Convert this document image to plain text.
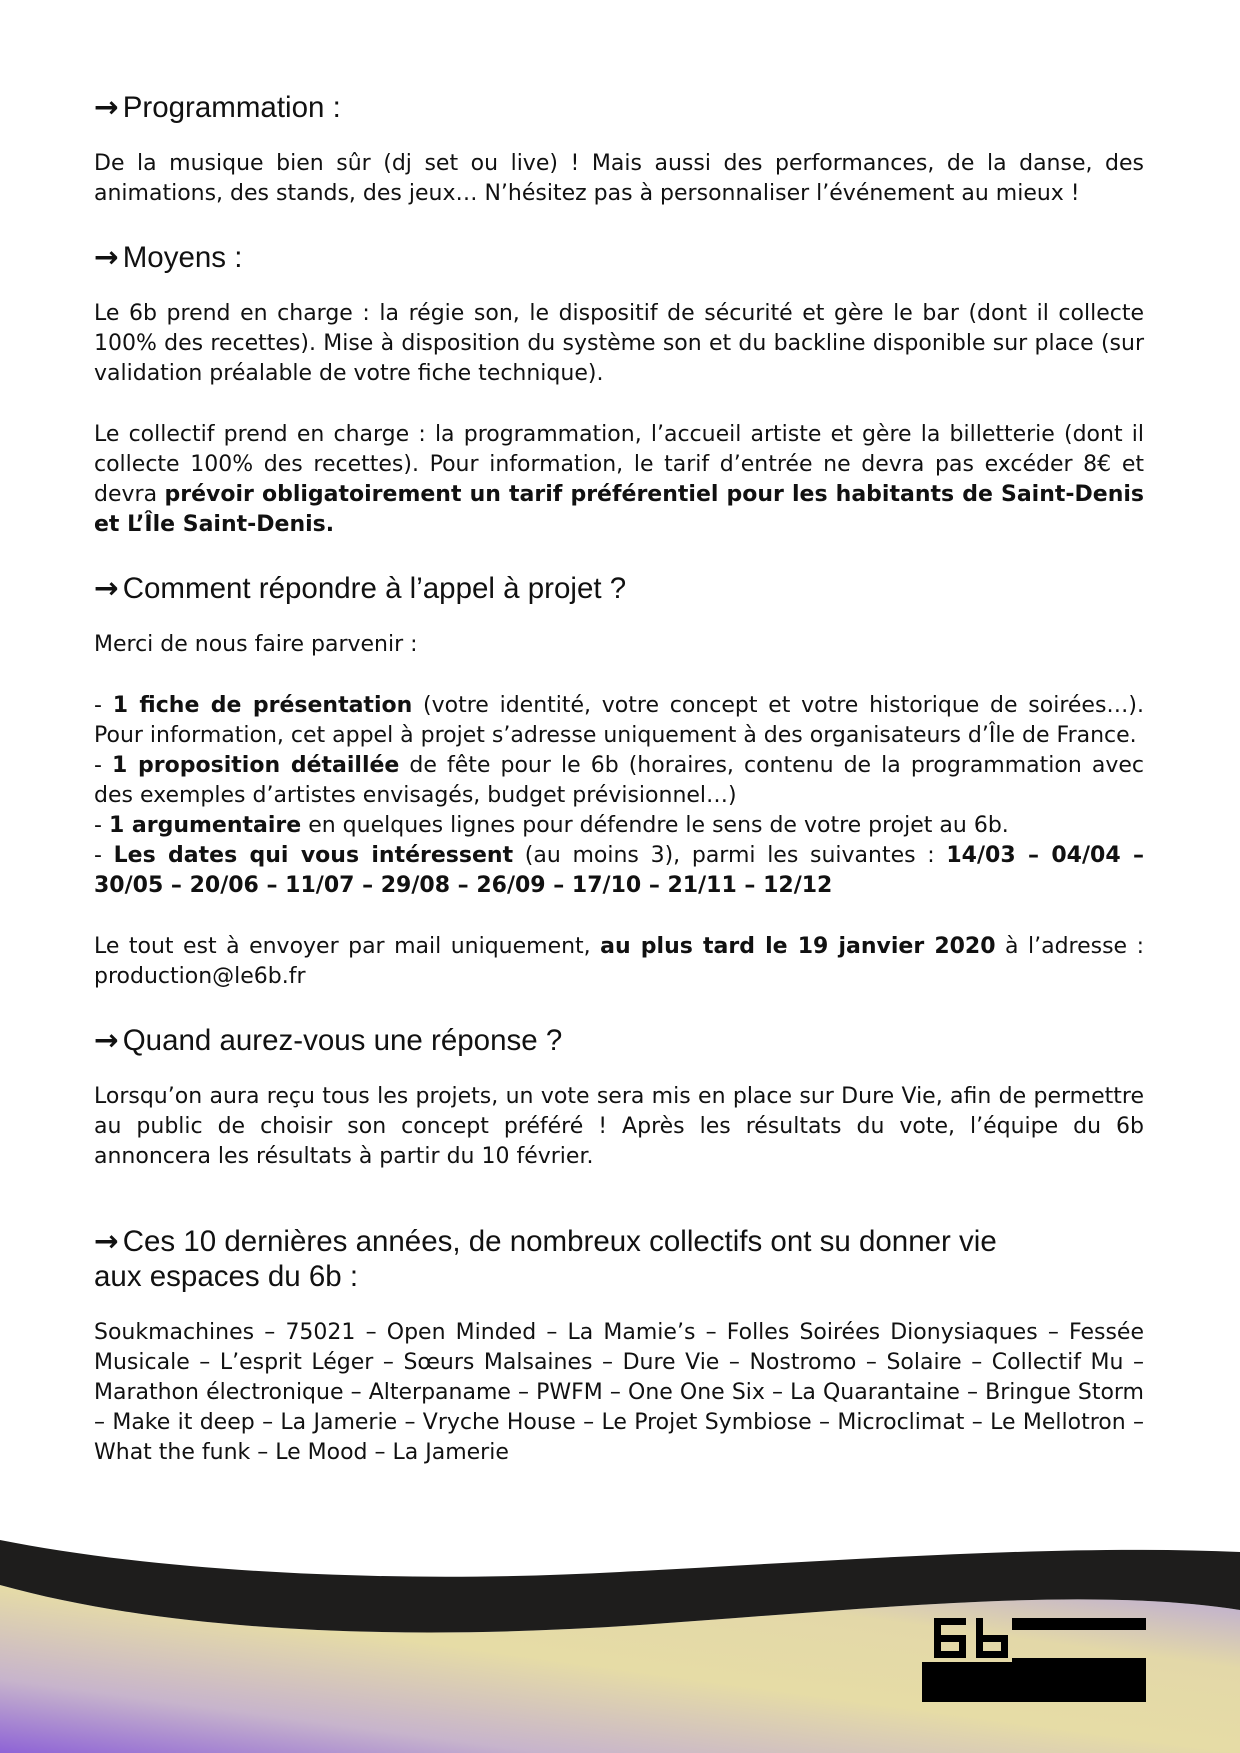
→ Programmation :

De la musique bien sûr (dj set ou live) ! Mais aussi des performances, de la danse, des animations, des stands, des jeux… N’hésitez pas à personnaliser l’événement au mieux !

→ Moyens :

Le 6b prend en charge : la régie son, le dispositif de sécurité et gère le bar (dont il collecte 100% des recettes). Mise à disposition du système son et du backline disponible sur place (sur validation préalable de votre fiche technique).

Le collectif prend en charge : la programmation, l’accueil artiste et gère la billetterie (dont il collecte 100% des recettes). Pour information, le tarif d’entrée ne devra pas excéder 8€ et devra prévoir obligatoirement un tarif préférentiel pour les habitants de Saint-Denis et L’Île Saint-Denis.

→ Comment répondre à l’appel à projet ?

Merci de nous faire parvenir :

- 1 fiche de présentation (votre identité, votre concept et votre historique de soirées…). Pour information, cet appel à projet s’adresse uniquement à des organisateurs d’Île de France.

- 1 proposition détaillée de fête pour le 6b (horaires, contenu de la programmation avec des exemples d’artistes envisagés, budget prévisionnel…)

- 1 argumentaire en quelques lignes pour défendre le sens de votre projet au 6b.

- Les dates qui vous intéressent (au moins 3), parmi les suivantes : 14/03 – 04/04 – 30/05 – 20/06 – 11/07 – 29/08 – 26/09 – 17/10 – 21/11 – 12/12

Le tout est à envoyer par mail uniquement, au plus tard le 19 janvier 2020 à l’adresse : production@le6b.fr

→ Quand aurez-vous une réponse ?

Lorsqu’on aura reçu tous les projets, un vote sera mis en place sur Dure Vie, afin de permettre au public de choisir son concept préféré ! Après les résultats du vote, l’équipe du 6b annoncera les résultats à partir du 10 février.

→ Ces 10 dernières années, de nombreux collectifs ont su donner vie
aux espaces du 6b :

Soukmachines – 75021 – Open Minded – La Mamie’s – Folles Soirées Dionysiaques – Fessée Musicale – L’esprit Léger – Sœurs Malsaines – Dure Vie – Nostromo – Solaire – Collectif Mu – Marathon électronique – Alterpaname – PWFM – One One Six – La Quarantaine – Bringue Storm – Make it deep – La Jamerie – Vryche House – Le Projet Symbiose – Microclimat – Le Mellotron – What the funk – Le Mood – La Jamerie
